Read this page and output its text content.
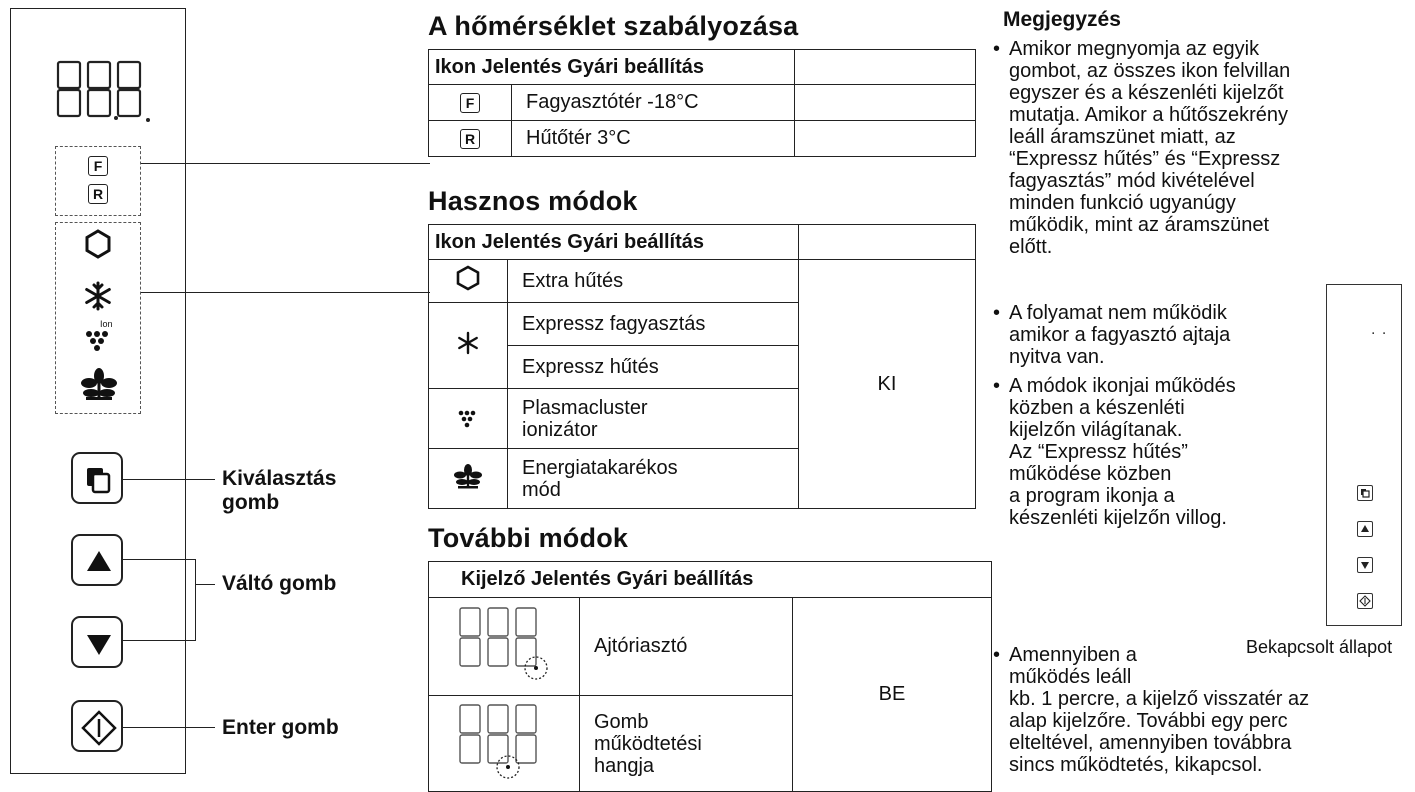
F
R
Ion
Kiválasztás gomb
Váltó gomb
Enter gomb
A hőmérséklet szabályozása
Ikon Jelentés Gyári beállítás		
F	Fagyasztótér -18°C	
R	Hűtőtér 3°C	
Hasznos módok
Ikon Jelentés Gyári beállítás		
	Extra hűtés	KI
	Expressz fagyasztás	
	Expressz hűtés	
	Plasmacluster
ionizátor	
	Energiatakarékos
mód	
További módok
Kijelző Jelentés Gyári beállítás		
	Ajtóriasztó	BE
	Gomb
működtetési
hangja	
Megjegyzés
• Amikor megnyomja az egyik
gombot, az összes ikon felvillan
egyszer és a készenléti kijelzőt
mutatja. Amikor a hűtőszekrény
leáll áramszünet miatt, az
“Expressz hűtés” és “Expressz
fagyasztás” mód kivételével
minden funkció ugyanúgy
működik, mint az áramszünet
előtt.
• A folyamat nem működik
amikor a fagyasztó ajtaja
nyitva van.
• A módok ikonjai működés
közben a készenléti
kijelzőn világítanak.
Az “Expressz hűtés”
működése közben
a program ikonja a
készenléti kijelzőn villog.
. .
Bekapcsolt állapot
• Amennyiben a
működés leáll
kb. 1 percre, a kijelző visszatér az
alap kijelzőre. További egy perc
elteltével, amennyiben továbbra
sincs működtetés, kikapcsol.
